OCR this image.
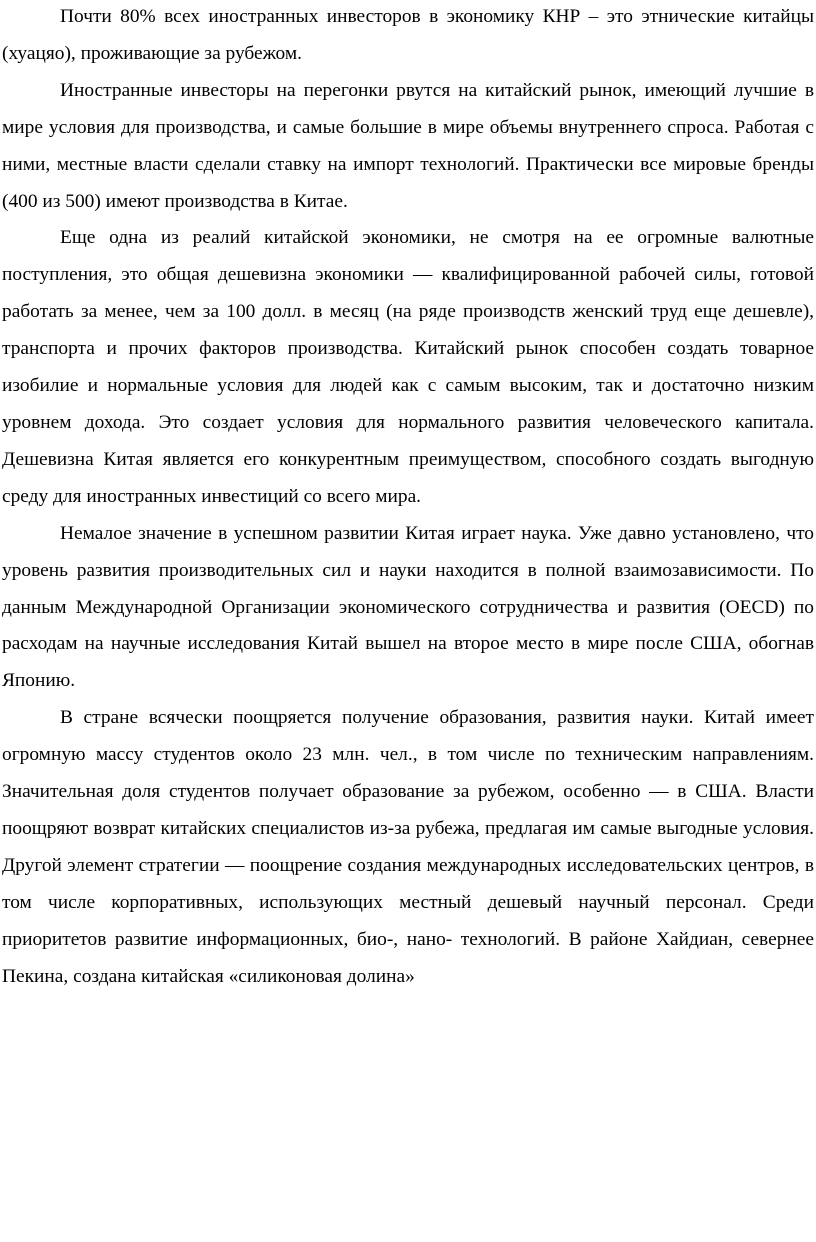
Почти 80% всех иностранных инвесторов в экономику КНР – это этнические китайцы (хуацяо), проживающие за рубежом.

Иностранные инвесторы на перегонки рвутся на китайский рынок, имеющий лучшие в мире условия для производства, и самые большие в мире объемы внутреннего спроса. Работая с ними, местные власти сделали ставку на импорт технологий. Практически все мировые бренды (400 из 500) имеют производства в Китае.

Еще одна из реалий китайской экономики, не смотря на ее огромные валютные поступления, это общая дешевизна экономики — квалифицированной рабочей силы, готовой работать за менее, чем за 100 долл. в месяц (на ряде производств женский труд еще дешевле), транспорта и прочих факторов производства. Китайский рынок способен создать товарное изобилие и нормальные условия для людей как с самым высоким, так и достаточно низким уровнем дохода. Это создает условия для нормального развития человеческого капитала. Дешевизна Китая является его конкурентным преимуществом, способного создать выгодную среду для иностранных инвестиций со всего мира.

Немалое значение в успешном развитии Китая играет наука. Уже давно установлено, что уровень развития производительных сил и науки находится в полной взаимозависимости. По данным Международной Организации экономического сотрудничества и развития (OECD) по расходам на научные исследования Китай вышел на второе место в мире после США, обогнав Японию.

В стране всячески поощряется получение образования, развития науки. Китай имеет огромную массу студентов около 23 млн. чел., в том числе по техническим направлениям. Значительная доля студентов получает образование за рубежом, особенно — в США. Власти поощряют возврат китайских специалистов из-за рубежа, предлагая им самые выгодные условия. Другой элемент стратегии — поощрение создания международных исследовательских центров, в том числе корпоративных, использующих местный дешевый научный персонал. Среди приоритетов развитие информационных, био-, нано- технологий. В районе Хайдиан, севернее Пекина, создана китайская «силиконовая долина»
